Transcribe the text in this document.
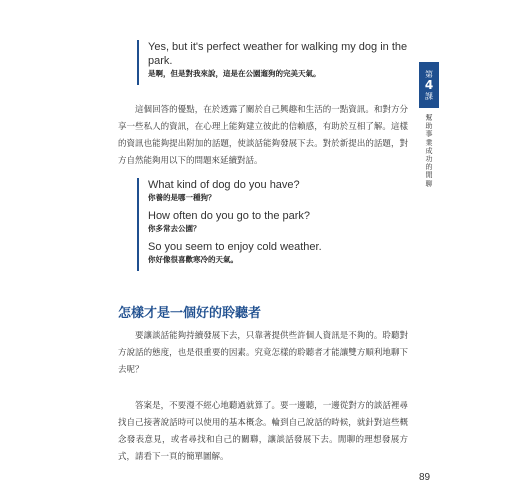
Yes, but it's perfect weather for walking my dog in the park.

是啊，但是對我來說，這是在公園遛狗的完美天氣。

這個回答的優點，在於透露了關於自己興趣和生活的一點資訊。和對方分享一些私人的資訊，在心理上能夠建立彼此的信賴感，有助於互相了解。這樣的資訊也能夠提出附加的話題，使談話能夠發展下去。對於新提出的話題，對方自然能夠用以下的問題來延續對話。

What kind of dog do you have?

你養的是哪一種狗？

How often do you go to the park?

你多常去公園？

So you seem to enjoy cold weather.

你好像很喜歡寒冷的天氣。

怎樣才是一個好的聆聽者

要讓談話能夠持續發展下去，只靠著提供些許個人資訊是不夠的。聆聽對方說話的態度，也是很重要的因素。究竟怎樣的聆聽者才能讓雙方順利地聊下去呢？

答案是，不要漫不經心地聽過就算了。要一邊聽，一邊從對方的談話裡尋找自己接著說話時可以使用的基本概念。輪到自己說話的時候，就針對這些概念發表意見，或者尋找和自己的關聯，讓談話發展下去。閒聊的理想發展方式，請看下一頁的簡單圖解。

第
4
課
幫助事業成功的閒聊
89
